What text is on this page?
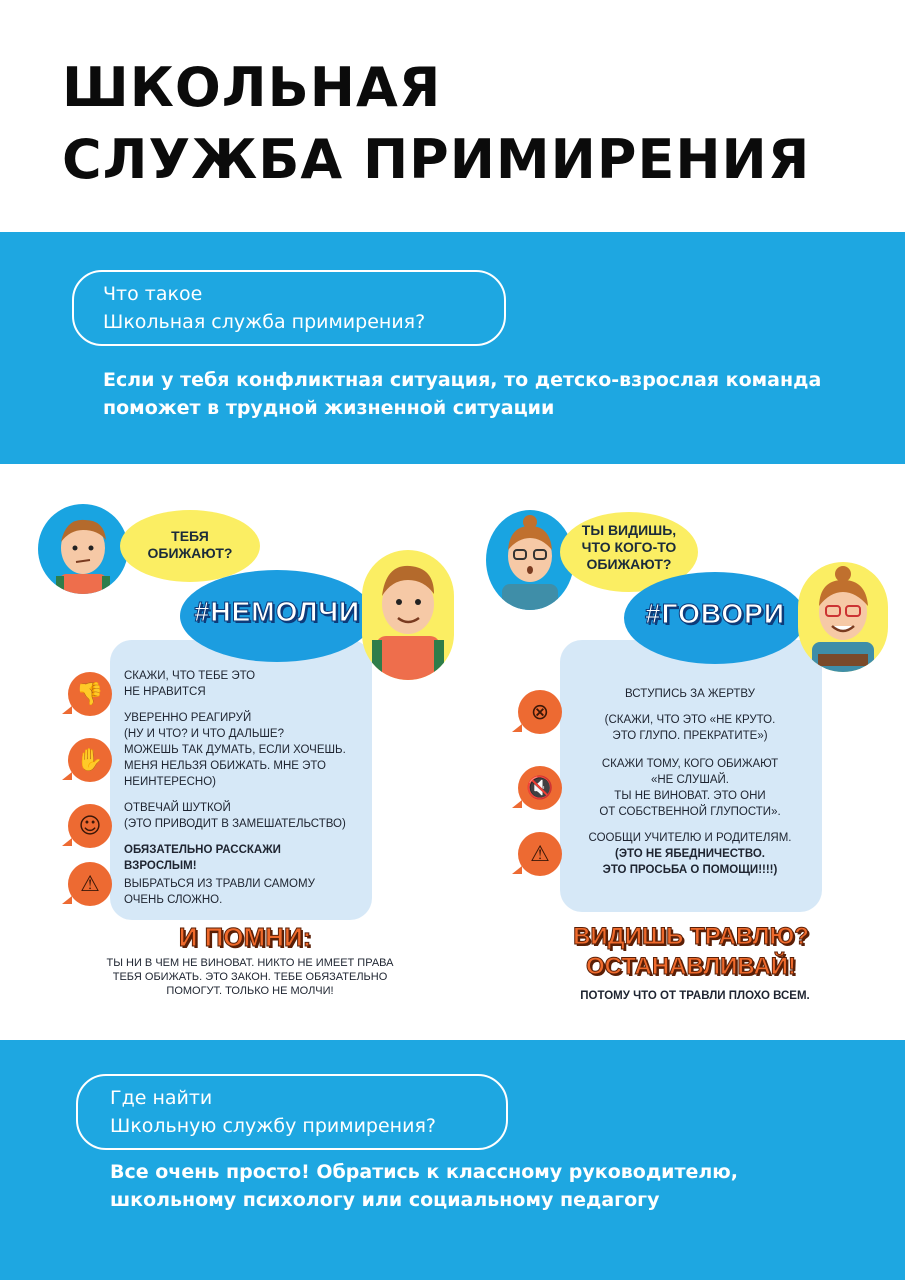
ШКОЛЬНАЯ
СЛУЖБА ПРИМИРЕНИЯ
Что такое
Школьная служба примирения?
Если у тебя конфликтная ситуация, то детско-взрослая команда
поможет в трудной жизненной ситуации
ТЕБЯ
ОБИЖАЮТ?
#НЕМОЛЧИ
👎
✋
☺
⚠
СКАЖИ, ЧТО ТЕБЕ ЭТО
НЕ НРАВИТСЯ
УВЕРЕННО РЕАГИРУЙ
(НУ И ЧТО? И ЧТО ДАЛЬШЕ?
МОЖЕШЬ ТАК ДУМАТЬ, ЕСЛИ ХОЧЕШЬ.
МЕНЯ НЕЛЬЗЯ ОБИЖАТЬ. МНЕ ЭТО
НЕИНТЕРЕСНО)
ОТВЕЧАЙ ШУТКОЙ
(ЭТО ПРИВОДИТ В ЗАМЕШАТЕЛЬСТВО)
ОБЯЗАТЕЛЬНО РАССКАЖИ
ВЗРОСЛЫМ!
ВЫБРАТЬСЯ ИЗ ТРАВЛИ САМОМУ
ОЧЕНЬ СЛОЖНО.
И ПОМНИ:
ТЫ НИ В ЧЕМ НЕ ВИНОВАТ. НИКТО НЕ ИМЕЕТ ПРАВА
ТЕБЯ ОБИЖАТЬ. ЭТО ЗАКОН. ТЕБЕ ОБЯЗАТЕЛЬНО
ПОМОГУТ. ТОЛЬКО НЕ МОЛЧИ!
ТЫ ВИДИШЬ,
ЧТО КОГО-ТО
ОБИЖАЮТ?
#ГОВОРИ
⊗
🔇
⚠
ВСТУПИСЬ ЗА ЖЕРТВУ
(СКАЖИ, ЧТО ЭТО «НЕ КРУТО.
ЭТО ГЛУПО. ПРЕКРАТИТЕ»)
СКАЖИ ТОМУ, КОГО ОБИЖАЮТ
«НЕ СЛУШАЙ.
ТЫ НЕ ВИНОВАТ. ЭТО ОНИ
ОТ СОБСТВЕННОЙ ГЛУПОСТИ».
СООБЩИ УЧИТЕЛЮ И РОДИТЕЛЯМ.
(ЭТО НЕ ЯБЕДНИЧЕСТВО.
ЭТО ПРОСЬБА О ПОМОЩИ!!!!)
ВИДИШЬ ТРАВЛЮ?
ОСТАНАВЛИВАЙ!
ПОТОМУ ЧТО ОТ ТРАВЛИ ПЛОХО ВСЕМ.
Где найти
Школьную службу примирения?
Все очень просто! Обратись к классному руководителю,
школьному психологу или социальному педагогу
